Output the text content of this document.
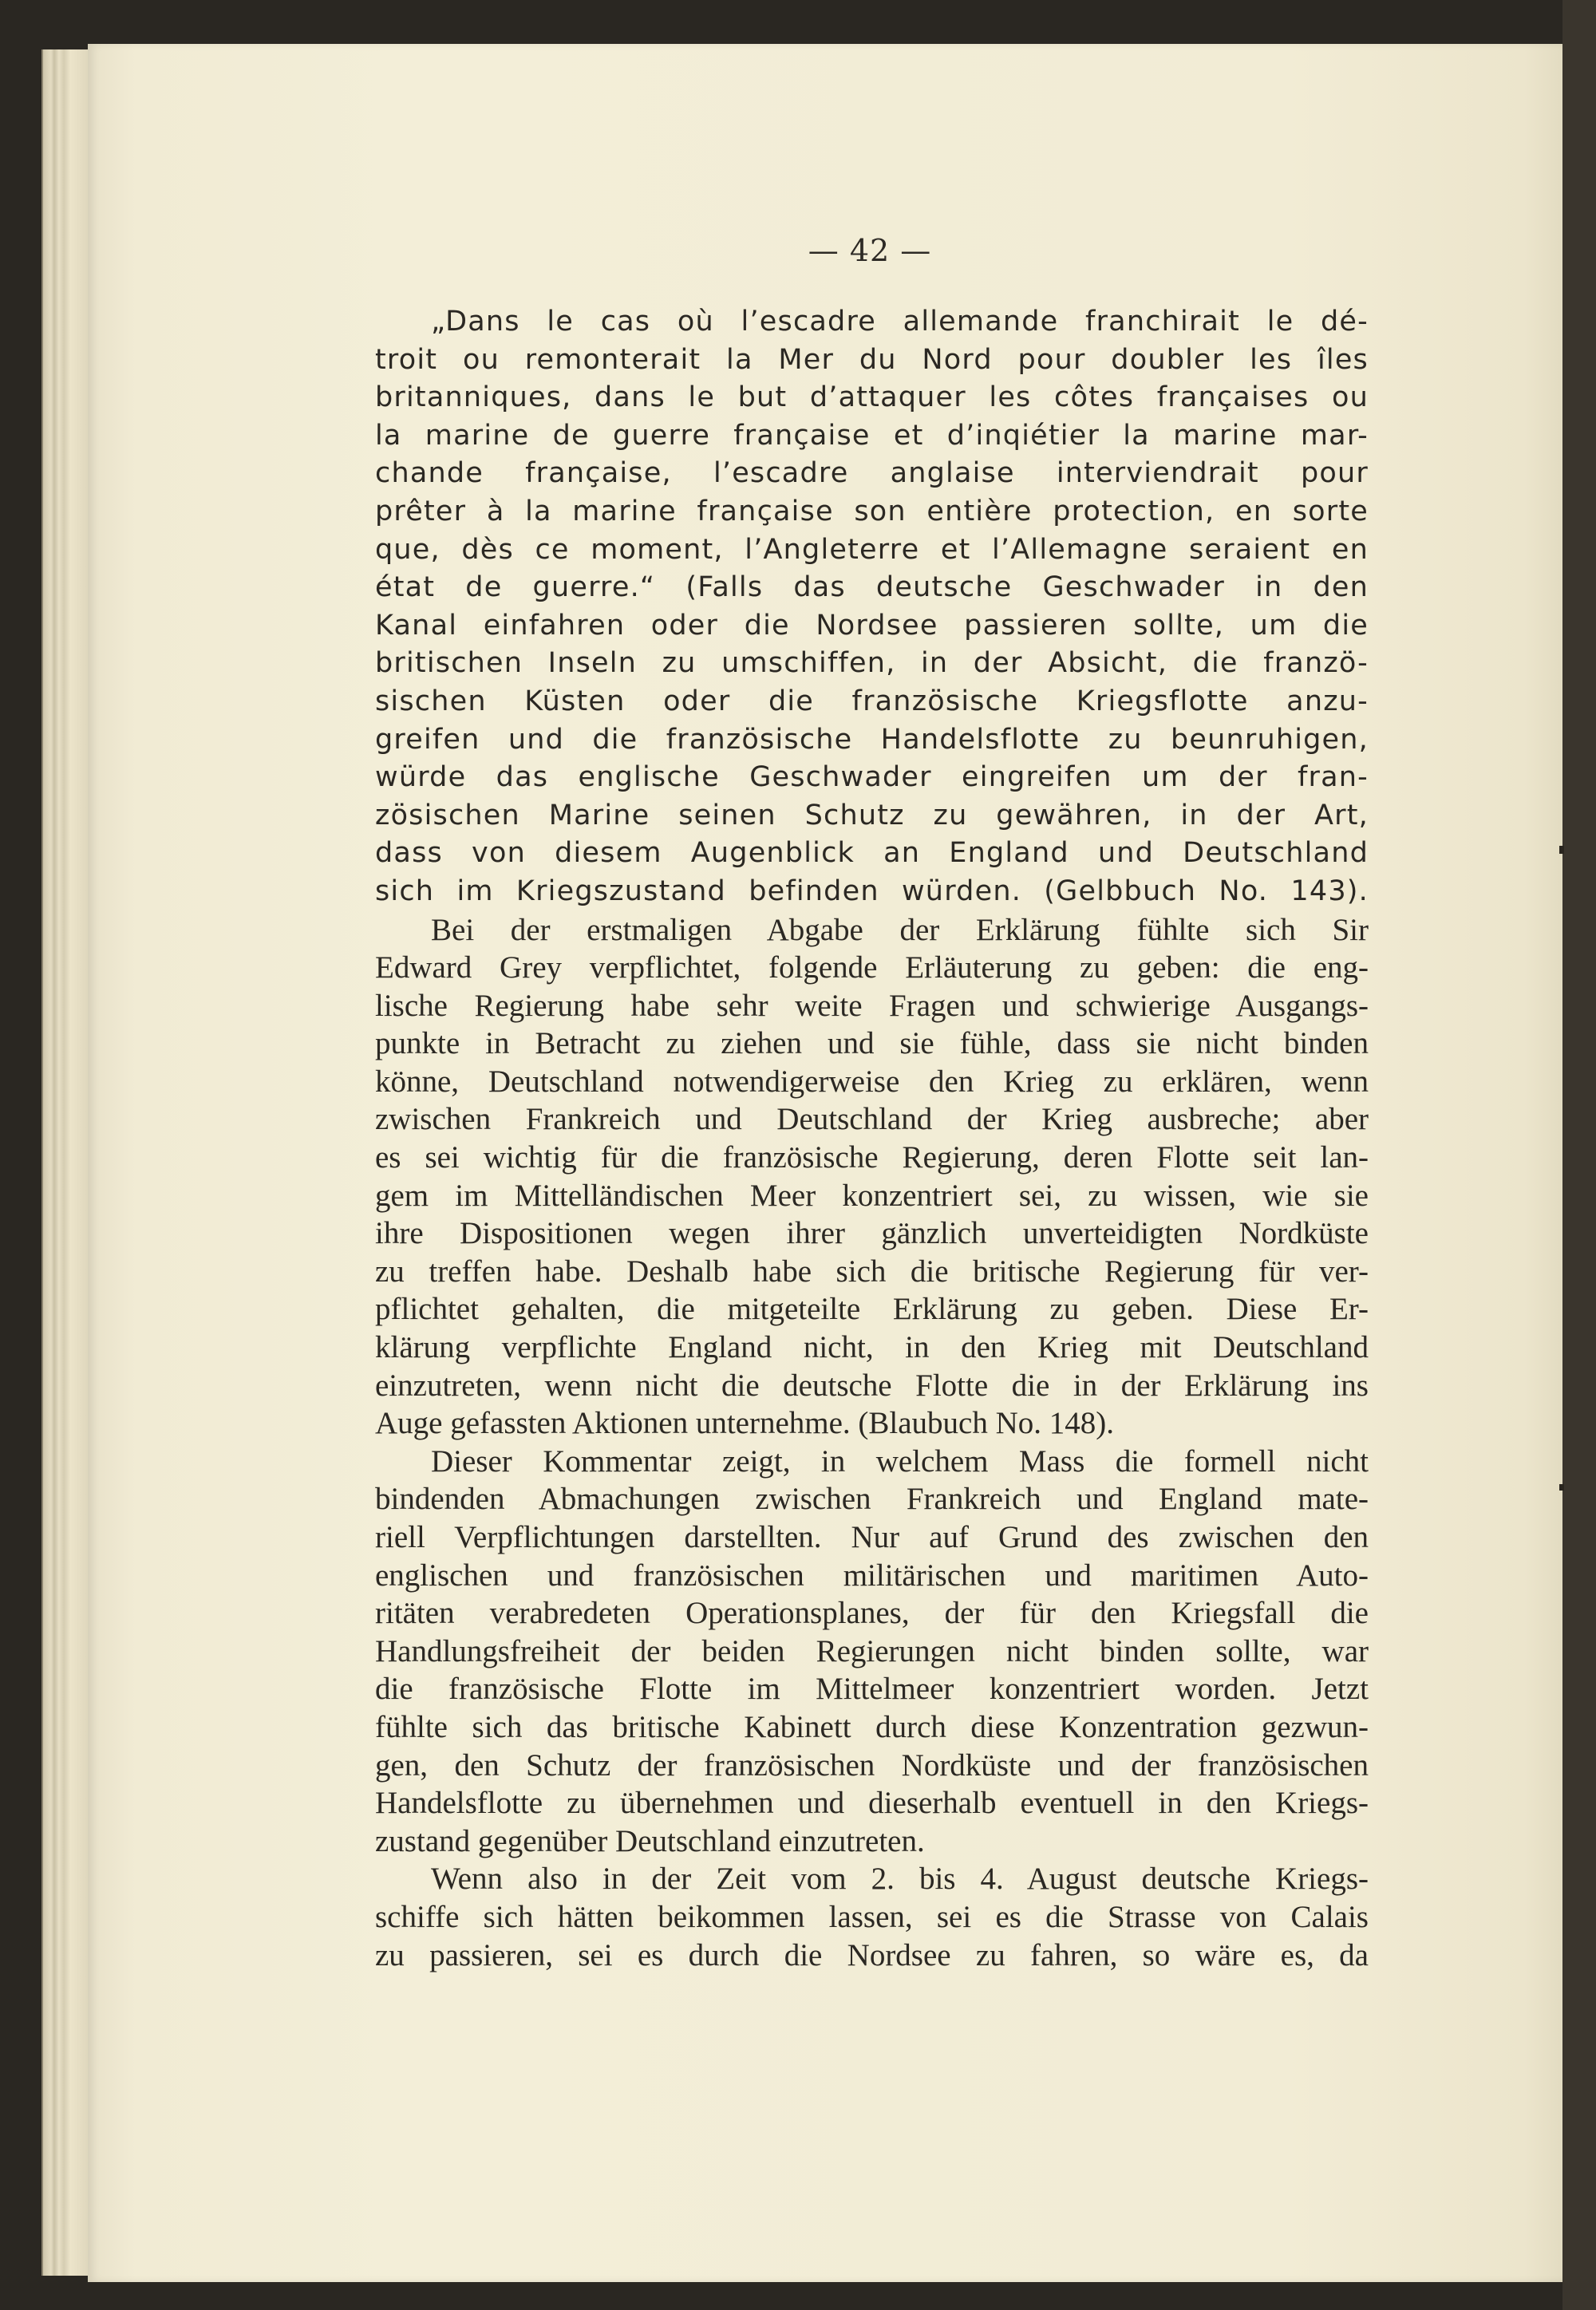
— 42 —
„Dans le cas où l’escadre allemande franchirait le dé-
troit ou remonterait la Mer du Nord pour doubler les îles
britanniques, dans le but d’attaquer les côtes françaises ou
la marine de guerre française et d’inqiétier la marine mar-
chande française, l’escadre anglaise interviendrait pour
prêter à la marine française son entière protection, en sorte
que, dès ce moment, l’Angleterre et l’Allemagne seraient en
état de guerre.“ (Falls das deutsche Geschwader in den
Kanal einfahren oder die Nordsee passieren sollte, um die
britischen Inseln zu umschiffen, in der Absicht, die franzö-
sischen Küsten oder die französische Kriegsflotte anzu-
greifen und die französische Handelsflotte zu beunruhigen,
würde das englische Geschwader eingreifen um der fran-
zösischen Marine seinen Schutz zu gewähren, in der Art,
dass von diesem Augenblick an England und Deutschland
sich im Kriegszustand befinden würden. (Gelbbuch No. 143).
Bei der erstmaligen Abgabe der Erklärung fühlte sich Sir
Edward Grey verpflichtet, folgende Erläuterung zu geben: die eng-
lische Regierung habe sehr weite Fragen und schwierige Ausgangs-
punkte in Betracht zu ziehen und sie fühle, dass sie nicht binden
könne, Deutschland notwendigerweise den Krieg zu erklären, wenn
zwischen Frankreich und Deutschland der Krieg ausbreche; aber
es sei wichtig für die französische Regierung, deren Flotte seit lan-
gem im Mittelländischen Meer konzentriert sei, zu wissen, wie sie
ihre Dispositionen wegen ihrer gänzlich unverteidigten Nordküste
zu treffen habe. Deshalb habe sich die britische Regierung für ver-
pflichtet gehalten, die mitgeteilte Erklärung zu geben. Diese Er-
klärung verpflichte England nicht, in den Krieg mit Deutschland
einzutreten, wenn nicht die deutsche Flotte die in der Erklärung ins
Auge gefassten Aktionen unternehme. (Blaubuch No. 148).
Dieser Kommentar zeigt, in welchem Mass die formell nicht
bindenden Abmachungen zwischen Frankreich und England mate-
riell Verpflichtungen darstellten. Nur auf Grund des zwischen den
englischen und französischen militärischen und maritimen Auto-
ritäten verabredeten Operationsplanes, der für den Kriegsfall die
Handlungsfreiheit der beiden Regierungen nicht binden sollte, war
die französische Flotte im Mittelmeer konzentriert worden. Jetzt
fühlte sich das britische Kabinett durch diese Konzentration gezwun-
gen, den Schutz der französischen Nordküste und der französischen
Handelsflotte zu übernehmen und dieserhalb eventuell in den Kriegs-
zustand gegenüber Deutschland einzutreten.
Wenn also in der Zeit vom 2. bis 4. August deutsche Kriegs-
schiffe sich hätten beikommen lassen, sei es die Strasse von Calais
zu passieren, sei es durch die Nordsee zu fahren, so wäre es, da
